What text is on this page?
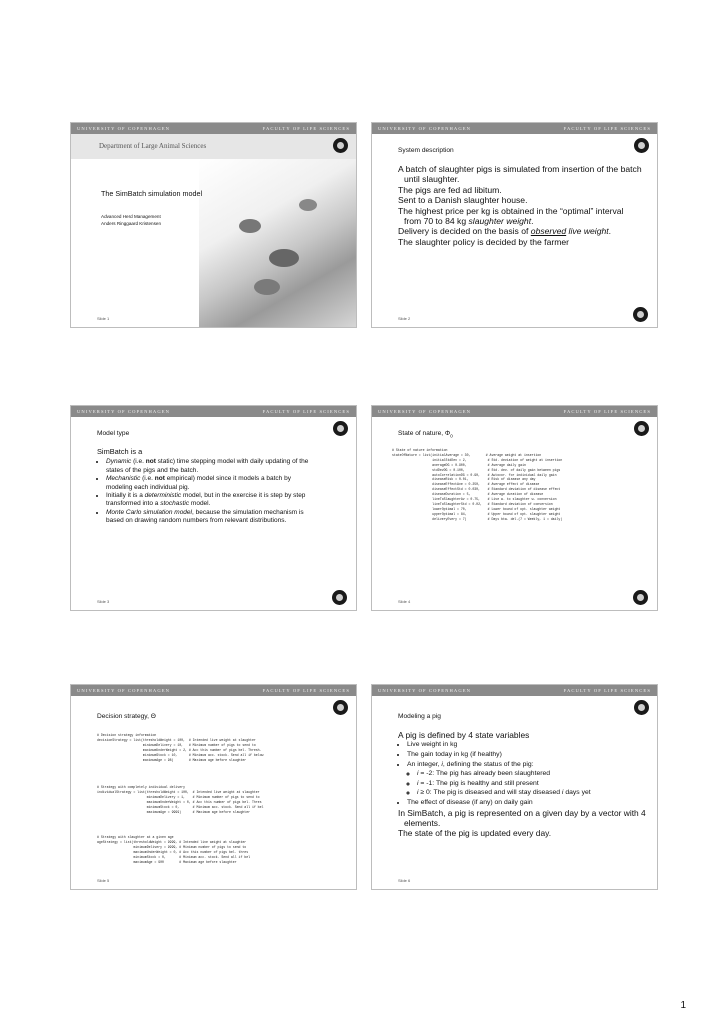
UNIVERSITY OF COPENHAGEN	FACULTY OF LIFE SCIENCES
Department of Large Animal Sciences
The SimBatch simulation model
Advanced Herd Management
Anders Ringgaard Kristensen
Slide 1
UNIVERSITY OF COPENHAGEN	FACULTY OF LIFE SCIENCES
System description
A batch of slaughter pigs is simulated from insertion of the batch until slaughter.
The pigs are fed ad libitum.
Sent to a Danish slaughter house.
The highest price per kg is obtained in the “optimal” interval from 70 to 84 kg slaughter weight.
Delivery is decided on the basis of observed live weight.
The slaughter policy is decided by the farmer
Slide 2
UNIVERSITY OF COPENHAGEN	FACULTY OF LIFE SCIENCES
Model type
SimBatch is a
• Dynamic (i.e. not static) time stepping model with daily updating of the states of the pigs and the batch.
• Mechanistic (i.e. not empirical) model since it models a batch by modeling each individual pig.
• Initially it is a deterministic model, but in the exercise it is step by step transformed into a stochastic model.
• Monte Carlo simulation model, because the simulation mechanism is based on drawing random numbers from relevant distributions.
Slide 3
UNIVERSITY OF COPENHAGEN	FACULTY OF LIFE SCIENCES
State of nature, $\Phi_0$
# State of nature information
stateOfNature = list(initialAverage = 30,        # Average weight at insertion
initialStdDev = 2,           # Std. deviation of weight at insertion
averageDG = 0.900,           # Average daily gain
stdDevDG = 0.100,            # Std. dev. of daily gain between pigs
autoCorrelationDG = 0.90,    # Autocor. for individual daily gain
diseaseRisk = 0.01,          # Risk of disease any day
diseaseEffectAve = 0.250,    # Average effect of disease
diseaseEffectStd = 0.030,    # Standard deviation of disease effect
diseaseDuration = 5,         # Average duration of disease
liveToSlaughterAv = 0.75,    # Live w. to slaughter w. conversion
liveToSlaughterStd = 0.02,   # Standard deviation of conversion
lowerOptimal = 70,           # Lower bound of opt. slaughter weight
upperOptimal = 84,           # Upper bound of opt. slaughter weight
deliveryEvery = 7)           # Days btw. del.(7 = Weekly, 1 = daily)
Slide 4
UNIVERSITY OF COPENHAGEN	FACULTY OF LIFE SCIENCES
Decision strategy, Θ
# Decision strategy information
decisionStrategy = list(thresholdWeight = 100,  # Intended live weight at slaughter
minimumDelivery = 10,   # Minimum number of pigs to send to
maximumUnderWeight = 2, # Acc this number of pigs bel. Thresh.
minimumStock = 10,      # Minimum acc. stock. Send all if below
maximumAge = 98)        # Maximum age before slaughter
# Strategy with completely individual delivery
individualStrategy = list(thresholdWeight = 100,  # Intended live weight at slaughter
minimumDelivery = 1,    # Minimum number of pigs to send to
maximumUnderWeight = 0, # Acc this number of pigs bel. Thres
minimumStock = 0,       # Minimum acc. stock. Send all if bel
maximumAge = 9999)      # Maximum age before slaughter
# Strategy with slaughter at a given age
ageStrategy = list(thresholdWeight = 9999, # Intended live weight at slaughter
minimumDelivery = 9999, # Minimum number of pigs to send to
maximumUnderWeight = 0, # Acc this number of pigs bel. thres
minimumStock = 0,       # Minimum acc. stock. Send all if bel
maximumAge = 900        # Maximum age before slaughter
Slide 5
UNIVERSITY OF COPENHAGEN	FACULTY OF LIFE SCIENCES
Modeling a pig
A pig is defined by 4 state variables
• Live weight in kg
• The gain today in kg (if healthy)
• An integer, i, defining the status of the pig:
◦ i = -2: The pig has already been slaughtered
◦ i = -1: The pig is healthy and still present
◦ i ≥ 0: The pig is diseased and will stay diseased i days yet
• The effect of disease (if any) on daily gain
In SimBatch, a pig is represented on a given day by a vector with 4 elements.
The state of the pig is updated every day.
Slide 6
1
